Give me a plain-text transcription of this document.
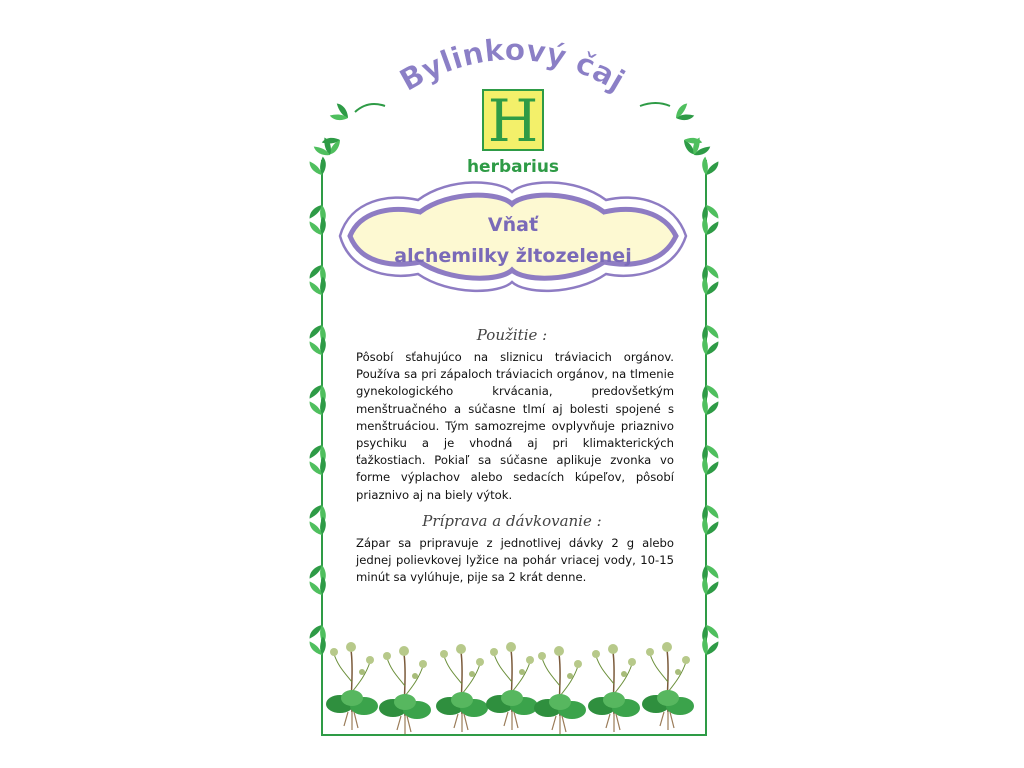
Bylinkový čaj
H
herbarius
Vňať
alchemilky žltozelenej

Použitie :

Pôsobí sťahujúco na sliznicu tráviacich orgánov. Používa sa pri zápaloch tráviacich orgánov, na tlmenie gynekologického krvácania, predovšetkým menštruačného a súčasne tlmí aj bolesti spojené s menštruáciou. Tým samozrejme ovplyvňuje priaznivo psychiku a je vhodná aj pri klimakterických ťažkostiach. Pokiaľ sa súčasne aplikuje zvonka vo forme výplachov alebo sedacích kúpeľov, pôsobí priaznivo aj na biely výtok.

Príprava a dávkovanie :

Zápar sa pripravuje z jednotlivej dávky 2 g alebo jednej polievkovej lyžice na pohár vriacej vody, 10-15 minút sa vylúhuje, pije sa 2 krát denne.
